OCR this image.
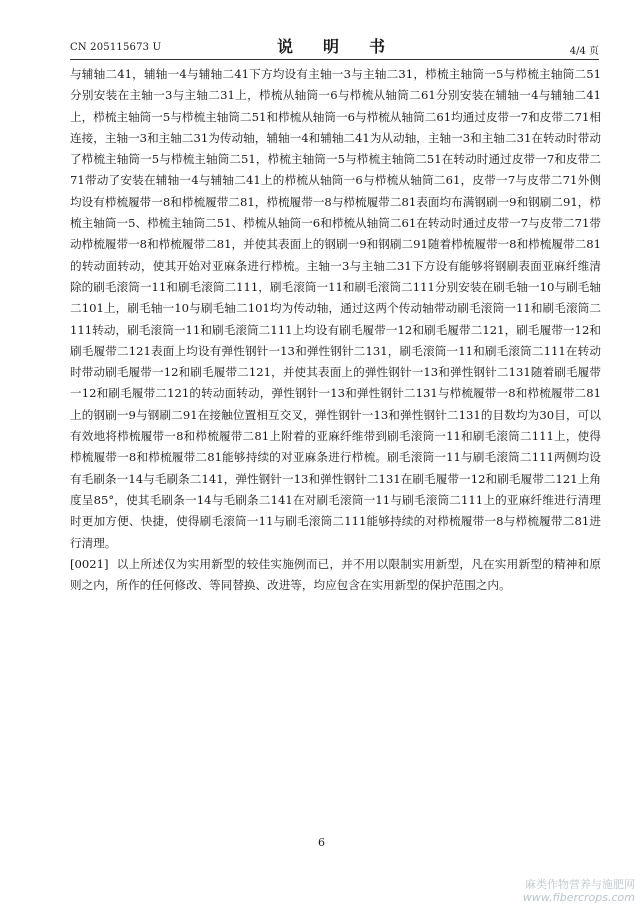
CN 205115673 U	说　明　书	4/4 页

与辅轴二41，辅轴一4与辅轴二41下方均设有主轴一3与主轴二31，栉梳主轴筒一5与栉梳主轴筒二51分别安装在主轴一3与主轴二31上，栉梳从轴筒一6与栉梳从轴筒二61分别安装在辅轴一4与辅轴二41上，栉梳主轴筒一5与栉梳主轴筒二51和栉梳从轴筒一6与栉梳从轴筒二61均通过皮带一7和皮带二71相连接，主轴一3和主轴二31为传动轴，辅轴一4和辅轴二41为从动轴，主轴一3和主轴二31在转动时带动了栉梳主轴筒一5与栉梳主轴筒二51，栉梳主轴筒一5与栉梳主轴筒二51在转动时通过皮带一7和皮带二71带动了安装在辅轴一4与辅轴二41上的栉梳从轴筒一6与栉梳从轴筒二61，皮带一7与皮带二71外侧均设有栉梳履带一8和栉梳履带二81，栉梳履带一8与栉梳履带二81表面均布满钢刷一9和钢刷二91，栉梳主轴筒一5、栉梳主轴筒二51、栉梳从轴筒一6和栉梳从轴筒二61在转动时通过皮带一7与皮带二71带动栉梳履带一8和栉梳履带二81，并使其表面上的钢刷一9和钢刷二91随着栉梳履带一8和栉梳履带二81的转动面转动，使其开始对亚麻条进行栉梳。主轴一3与主轴二31下方设有能够将钢刷表面亚麻纤维清除的刷毛滚筒一11和刷毛滚筒二111，刷毛滚筒一11和刷毛滚筒二111分别安装在刷毛轴一10与刷毛轴二101上，刷毛轴一10与刷毛轴二101均为传动轴，通过这两个传动轴带动刷毛滚筒一11和刷毛滚筒二111转动，刷毛滚筒一11和刷毛滚筒二111上均设有刷毛履带一12和刷毛履带二121，刷毛履带一12和刷毛履带二121表面上均设有弹性钢针一13和弹性钢针二131，刷毛滚筒一11和刷毛滚筒二111在转动时带动刷毛履带一12和刷毛履带二121，并使其表面上的弹性钢针一13和弹性钢针二131随着刷毛履带一12和刷毛履带二121的转动面转动，弹性钢针一13和弹性钢针二131与栉梳履带一8和栉梳履带二81上的钢刷一9与钢刷二91在接触位置相互交叉，弹性钢针一13和弹性钢针二131的目数均为30目，可以有效地将栉梳履带一8和栉梳履带二81上附着的亚麻纤维带到刷毛滚筒一11和刷毛滚筒二111上，使得栉梳履带一8和栉梳履带二81能够持续的对亚麻条进行栉梳。刷毛滚筒一11与刷毛滚筒二111两侧均设有毛刷条一14与毛刷条二141，弹性钢针一13和弹性钢针二131在刷毛履带一12和刷毛履带二121上角度呈85°，使其毛刷条一14与毛刷条二141在对刷毛滚筒一11与刷毛滚筒二111上的亚麻纤维进行清理时更加方便、快捷，使得刷毛滚筒一11与刷毛滚筒二111能够持续的对栉梳履带一8与栉梳履带二81进行清理。

[0021] 以上所述仅为实用新型的较佳实施例而已，并不用以限制实用新型，凡在实用新型的精神和原则之内，所作的任何修改、等同替换、改进等，均应包含在实用新型的保护范围之内。

6
麻类作物营养与施肥网
www.fibercrops.com
